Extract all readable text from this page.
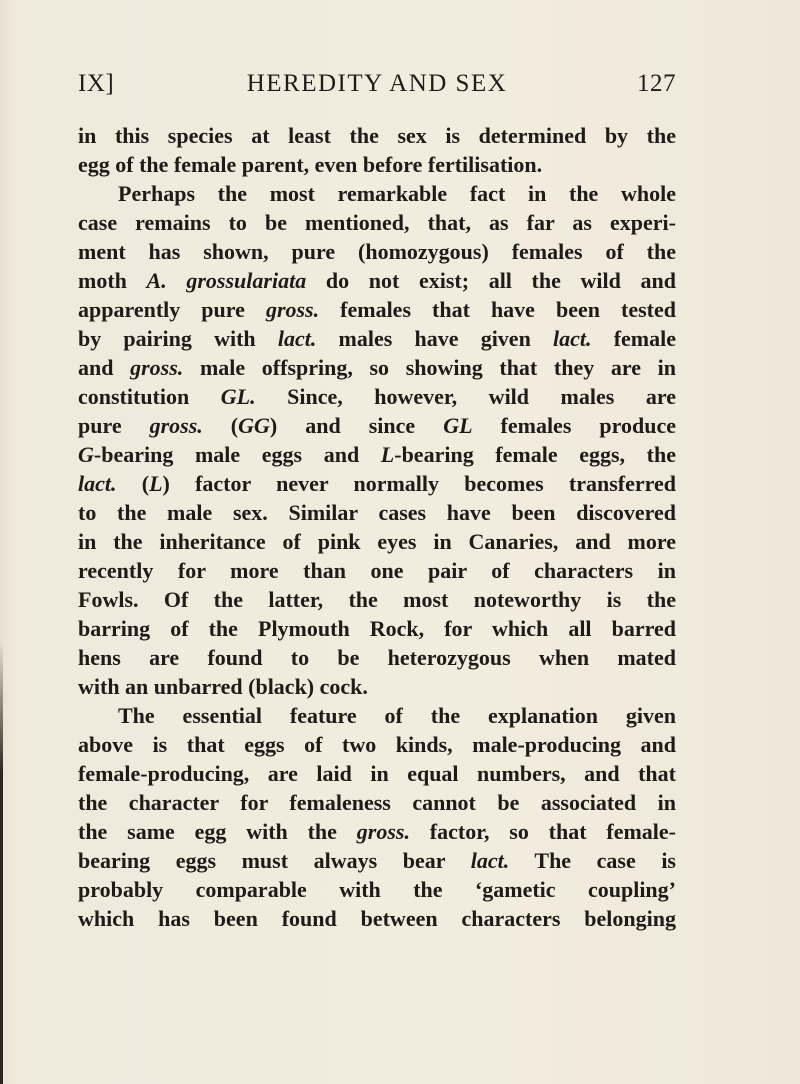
IX]	HEREDITY AND SEX	127
in this species at least the sex is determined by the
egg of the female parent, even before fertilisation.
Perhaps the most remarkable fact in the whole
case remains to be mentioned, that, as far as experi-
ment has shown, pure (homozygous) females of the
moth A. grossulariata do not exist; all the wild and
apparently pure gross. females that have been tested
by pairing with lact. males have given lact. female
and gross. male offspring, so showing that they are in
constitution GL. Since, however, wild males are
pure gross. (GG) and since GL females produce
G-bearing male eggs and L-bearing female eggs, the
lact. (L) factor never normally becomes transferred
to the male sex. Similar cases have been discovered
in the inheritance of pink eyes in Canaries, and more
recently for more than one pair of characters in
Fowls. Of the latter, the most noteworthy is the
barring of the Plymouth Rock, for which all barred
hens are found to be heterozygous when mated
with an unbarred (black) cock.
The essential feature of the explanation given
above is that eggs of two kinds, male-producing and
female-producing, are laid in equal numbers, and that
the character for femaleness cannot be associated in
the same egg with the gross. factor, so that female-
bearing eggs must always bear lact. The case is
probably comparable with the ‘gametic coupling’
which has been found between characters belonging
